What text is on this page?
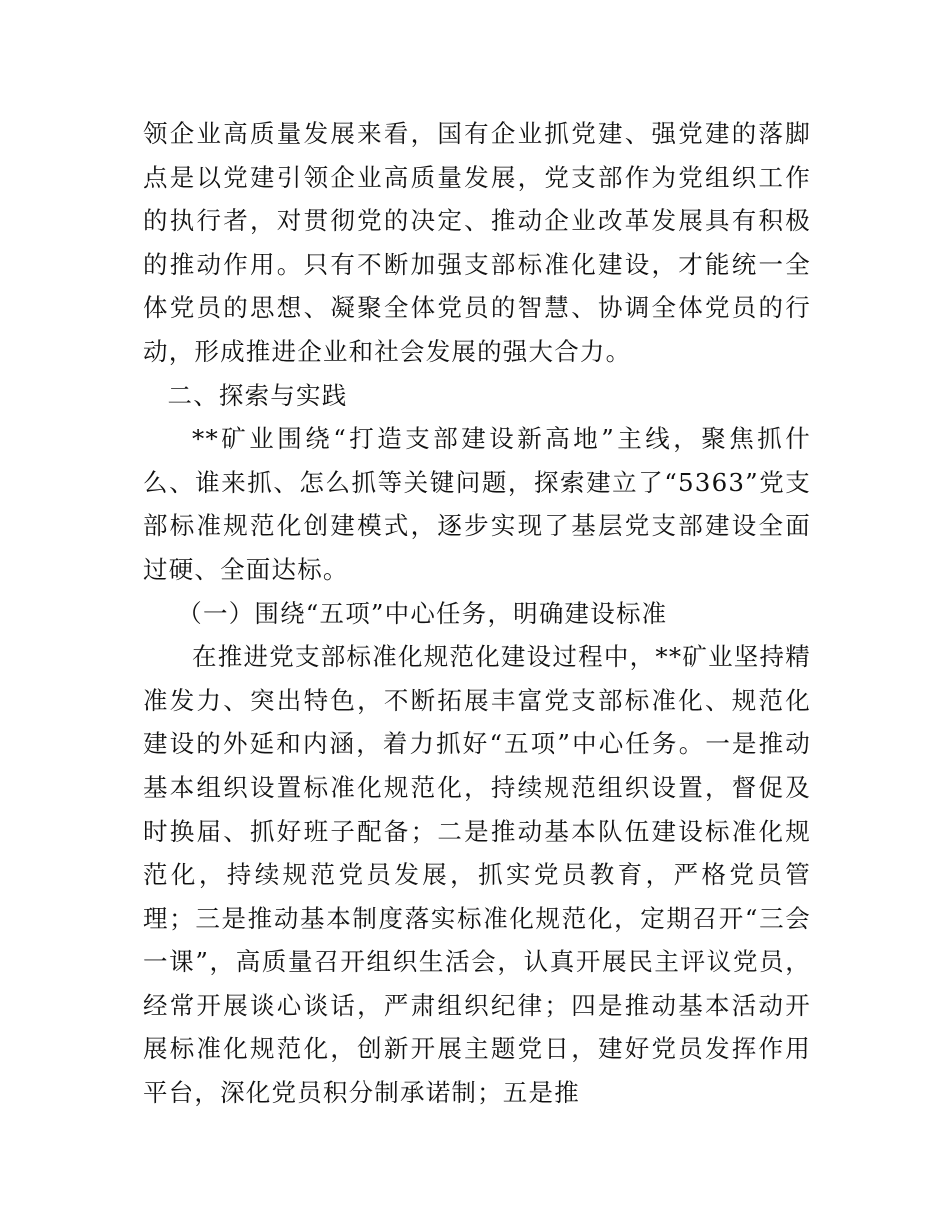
领企业高质量发展来看，国有企业抓党建、强党建的落脚点是以党建引领企业高质量发展，党支部作为党组织工作的执行者，对贯彻党的决定、推动企业改革发展具有积极的推动作用。只有不断加强支部标准化建设，才能统一全体党员的思想、凝聚全体党员的智慧、协调全体党员的行动，形成推进企业和社会发展的强大合力。

二、探索与实践

**矿业围绕“打造支部建设新高地”主线，聚焦抓什么、谁来抓、怎么抓等关键问题，探索建立了“5363”党支部标准规范化创建模式，逐步实现了基层党支部建设全面过硬、全面达标。

（一）围绕“五项”中心任务，明确建设标准

在推进党支部标准化规范化建设过程中，**矿业坚持精准发力、突出特色，不断拓展丰富党支部标准化、规范化建设的外延和内涵，着力抓好“五项”中心任务。一是推动基本组织设置标准化规范化，持续规范组织设置，督促及时换届、抓好班子配备；二是推动基本队伍建设标准化规范化，持续规范党员发展，抓实党员教育，严格党员管理；三是推动基本制度落实标准化规范化，定期召开“三会一课”，高质量召开组织生活会，认真开展民主评议党员，经常开展谈心谈话，严肃组织纪律；四是推动基本活动开展标准化规范化，创新开展主题党日，建好党员发挥作用平台，深化党员积分制承诺制；五是推
